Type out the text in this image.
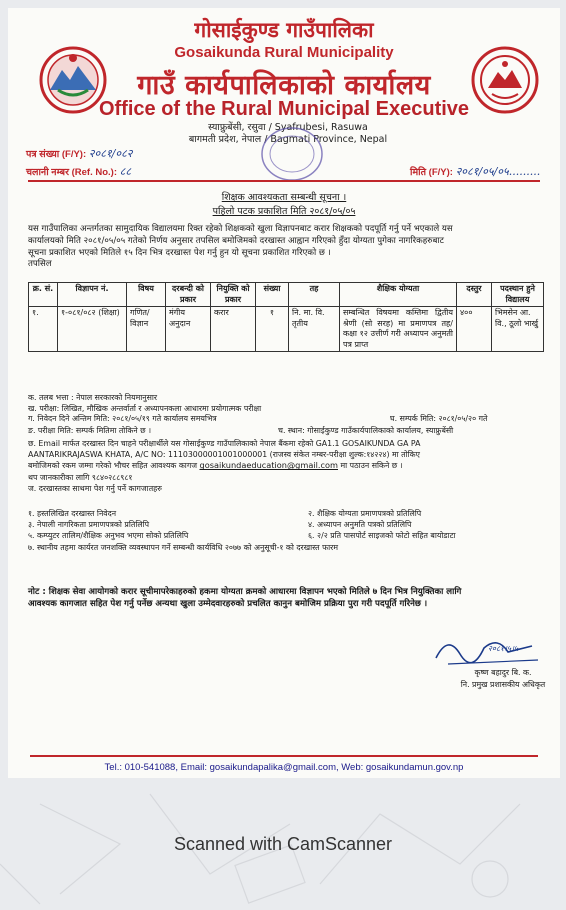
गोसाईकुण्ड गाउँपालिका
Gosaikunda Rural Municipality
गाउँ कार्यपालिकाको कार्यालय
Office of the Rural Municipal Executive
स्याफ्रुबेंसी, रसुवा / Syafrubesi, Rasuwa
बागमती प्रदेश, नेपाल / Bagmati Province, Nepal
पत्र संख्या (F/Y): २०८१/०८२
चलानी नम्बर (Ref. No.): ८८	मिति (F/Y): २०८१/०५/०५.........
शिक्षक आवश्यकता सम्बन्धी सूचना ।
पहिलो पटक प्रकाशित मिति २०८१/०५/०५
यस गाउँपालिका अन्तर्गतका सामुदायिक विद्यालयमा रिक्त रहेको शिक्षकको खुला विज्ञापनबाट करार शिक्षकको पदपूर्ति गर्नु पर्ने भएकाले यस
कार्यालयको मिति २०८१/०५/०५ गतेको निर्णय अनुसार तपसिल बमोजिमको दरखास्त आह्वान गरिएको हुँदा योग्यता पुगेका नागरिकहरुबाट
सूचना प्रकाशित भएको मितिले १५ दिन भित्र दरखास्त पेश गर्नु हुन यो सूचना प्रकाशित गरिएको छ ।
तपसिल
क्र. सं.	विज्ञापन नं.	विषय	दरबन्दी को प्रकार	नियुक्ति को प्रकार	संख्या	तह	शैक्षिक योग्यता	दस्तुर	पदस्थान हुने विद्यालय
१.	१-०८१/०८२ (शिक्षा)	गणित/ विज्ञान	मंगीय अनुदान	करार	१	नि. मा. वि. तृतीय	सम्बन्धित विषयमा कम्तिमा द्वितीय श्रेणी (सो सरह) मा प्रमाणपत्र तह/कक्षा १२ उत्तीर्ण गरी अध्यापन अनुमती पत्र प्राप्त	४००	भिमसेन आ. वि., ठूलो भार्खु
क. तलब भत्ता : नेपाल सरकारको नियमानुसार
ख. परीक्षा: लिखित, मौखिक अन्तर्वार्ता र अध्यापनकला आधारमा प्रयोगात्मक परीक्षा
ग. निवेदन दिने अन्तिम मिति: २०८१/०५/१९ गते कार्यालय समयभित्र	घ. सम्पर्क मिति: २०८१/०५/२० गते
ङ. परीक्षा मिति: सम्पर्क मितिमा तोकिने छ ।	च. स्थान: गोसाईकुण्ड गाउँकार्यपालिकाको कार्यालय, स्याफ्रुबेंसी
छ. Email मार्फत दरखास्त दिन चाहने परीक्षार्थीले यस गोसाईकुण्ड गाउँपालिकाको नेपाल बैंकमा रहेको GA1.1 GOSAIKUNDA GA PA
AANTARIKRAJASWA KHATA, A/C NO: 11103000001001000001 (राजस्व संकेत नम्बर-परीक्षा शुल्क:१४२२४) मा तोकिए
बमोजिमको रकम जम्मा गरेको भौचर सहित आवश्यक कागज gosaikundaeducation@gmail.com मा पठाउन सकिने छ ।
थप जानकारीका लागि ९८४०२८८९८१
ज. दरखास्तका साथमा पेश गर्नु पर्ने कागजातहरु
१. हस्तलिखित दरखास्त निवेदन
३. नेपाली नागरिकता प्रमाणपत्रको प्रतिलिपि
५. कम्प्युटर तालिम/शैक्षिक अनुभव भएमा सोको प्रतिलिपि
७. स्थानीय तहमा कार्यरत जनशक्ति व्यवस्थापन गर्ने सम्बन्धी कार्यविधि २०७७ को अनुसूची-१ को दरखास्त फारम
२. शैक्षिक योग्यता प्रमाणपत्रको प्रतिलिपि
४. अध्यापन अनुमति पत्रको प्रतिलिपि
६. २/२ प्रति पासपोर्ट साइजको फोटो सहित बायोडाटा
नोट : शिक्षक सेवा आयोगको करार सूचीमापरेकाहरुको हकमा योग्यता क्रमको आधारमा विज्ञापन भएको मितिले ७ दिन भित्र नियुक्तिका लागि
आवश्यक कागजात सहित पेश गर्नु पर्नेछ अन्यथा खुला उम्मेदवारहरुको प्रचलित कानुन बमोजिम प्रक्रिया पुरा गरी पदपूर्ति गरिनेछ ।
२०८१।५।५
कृष्ण बहादुर बि. क.
नि. प्रमुख प्रशासकीय अधिकृत
Tel.: 010-541088, Email: gosaikundapalika@gmail.com, Web: gosaikundamun.gov.np
Scanned with CamScanner
